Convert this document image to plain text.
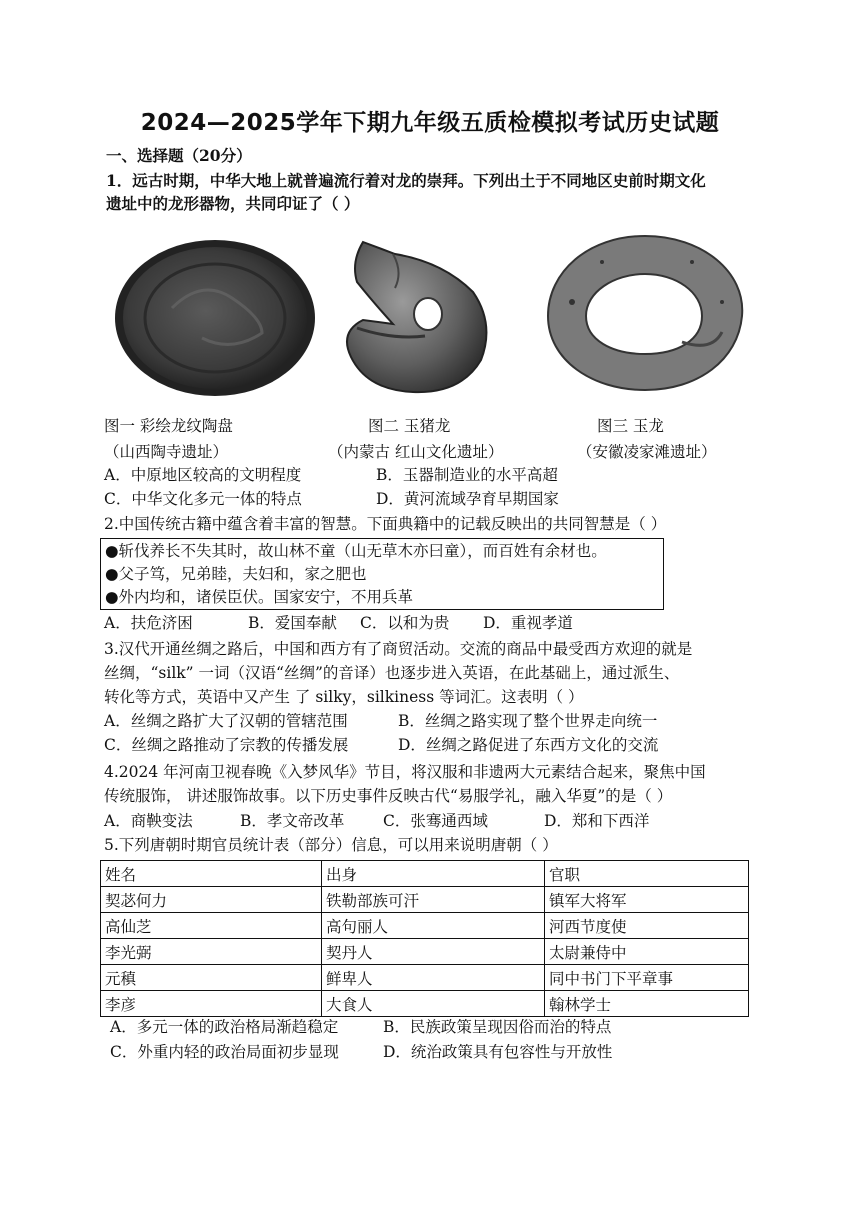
2024—2025学年下期九年级五质检模拟考试历史试题
一、选择题（20分）
1．远古时期，中华大地上就普遍流行着对龙的崇拜。下列出土于不同地区史前时期文化
遗址中的龙形器物，共同印证了（ ）
图一 彩绘龙纹陶盘	图二 玉猪龙	图三 玉龙
（山西陶寺遗址）	（内蒙古 红山文化遗址）	（安徽凌家滩遗址）
A．中原地区较高的文明程度	B．玉器制造业的水平高超
C．中华文化多元一体的特点	D．黄河流域孕育早期国家
2.中国传统古籍中蕴含着丰富的智慧。下面典籍中的记载反映出的共同智慧是（ ）
●斩伐养长不失其时，故山林不童（山无草木亦曰童），而百姓有余材也。
●父子笃，兄弟睦，夫妇和，家之肥也
●外内均和，诸侯臣伏。国家安宁，不用兵革
A．扶危济困	B．爱国奉献 C．以和为贵 D．重视孝道
3.汉代开通丝绸之路后，中国和西方有了商贸活动。交流的商品中最受西方欢迎的就是
丝绸，“silk” 一词（汉语“丝绸”的音译）也逐步进入英语，在此基础上，通过派生、
转化等方式，英语中又产生 了 silky，silkiness 等词汇。这表明（ ）
A．丝绸之路扩大了汉朝的管辖范围	B．丝绸之路实现了整个世界走向统一
C．丝绸之路推动了宗教的传播发展	D．丝绸之路促进了东西方文化的交流
4.2024 年河南卫视春晚《入梦风华》节目，将汉服和非遗两大元素结合起来，聚焦中国
传统服饰， 讲述服饰故事。以下历史事件反映古代“易服学礼，融入华夏”的是（ ）
A．商鞅变法	B．孝文帝改革 C．张骞通西域	D．郑和下西洋
5.下列唐朝时期官员统计表（部分）信息，可以用来说明唐朝（ ）
姓名	出身	官职
契苾何力	铁勒部族可汗	镇军大将军
高仙芝	高句丽人	河西节度使
李光弼	契丹人	太尉兼侍中
元稹	鲜卑人	同中书门下平章事
李彦	大食人	翰林学士
A．多元一体的政治格局渐趋稳定	B．民族政策呈现因俗而治的特点
C．外重内轻的政治局面初步显现	D．统治政策具有包容性与开放性
